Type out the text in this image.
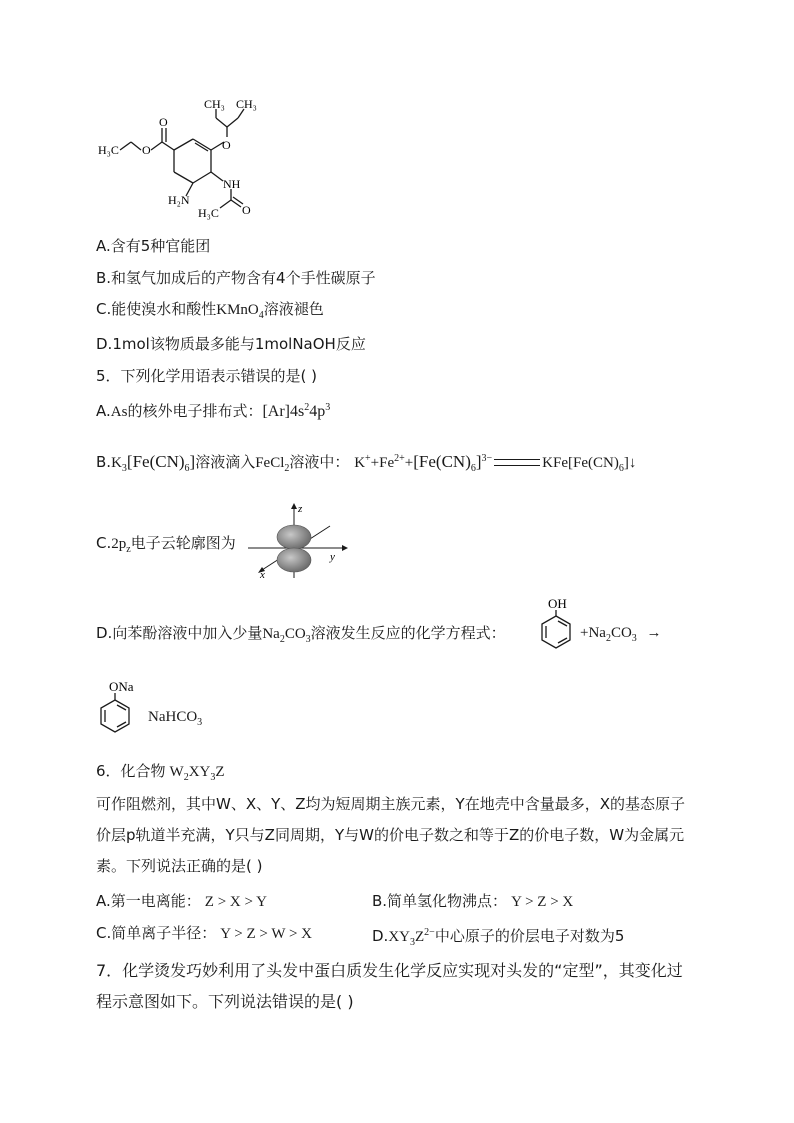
CH₃ CH₃
O
H₃C O	O
NH
H₂N
H₃C O
A.含有5种官能团
B.和氢气加成后的产物含有4个手性碳原子
C.能使溴水和酸性KMnO$_4$溶液褪色
D.1mol该物质最多能与1molNaOH反应
5．下列化学用语表示错误的是( )
A.As的核外电子排布式：$[Ar]4s^24p^3$
$B.K_3[Fe(CN)_6]$溶液滴入FeCl$_2$溶液中： $K^++Fe^{2+}+[Fe(CN)_6]^{3-}$	$KFe[Fe(CN)_6]↓$
$C.2p_z$电子云轮廓图为
z
y
x
D.向苯酚溶液中加入少量$Na_2CO_3$溶液发生反应的化学方程式：
OH
$+Na_2CO_3$ →
ONa
NaHCO$_3$
6．化合物 $W_2XY_3Z$
可作阻燃剂，其中W、X、Y、Z均为短周期主族元素，Y在地壳中含量最多，X的基态原子价层p轨道半充满，Y只与Z同周期，Y与W的价电子数之和等于Z的价电子数，W为金属元素。下列说法正确的是( )
A.第一电离能： Z > X > Y	B.简单氢化物沸点： Y > Z > X
C.简单离子半径： Y > Z > W > X	$D.XY_3Z^{2-}$中心原子的价层电子对数为5
7．化学烫发巧妙利用了头发中蛋白质发生化学反应实现对头发的“定型”，其变化过程示意图如下。下列说法错误的是( )
